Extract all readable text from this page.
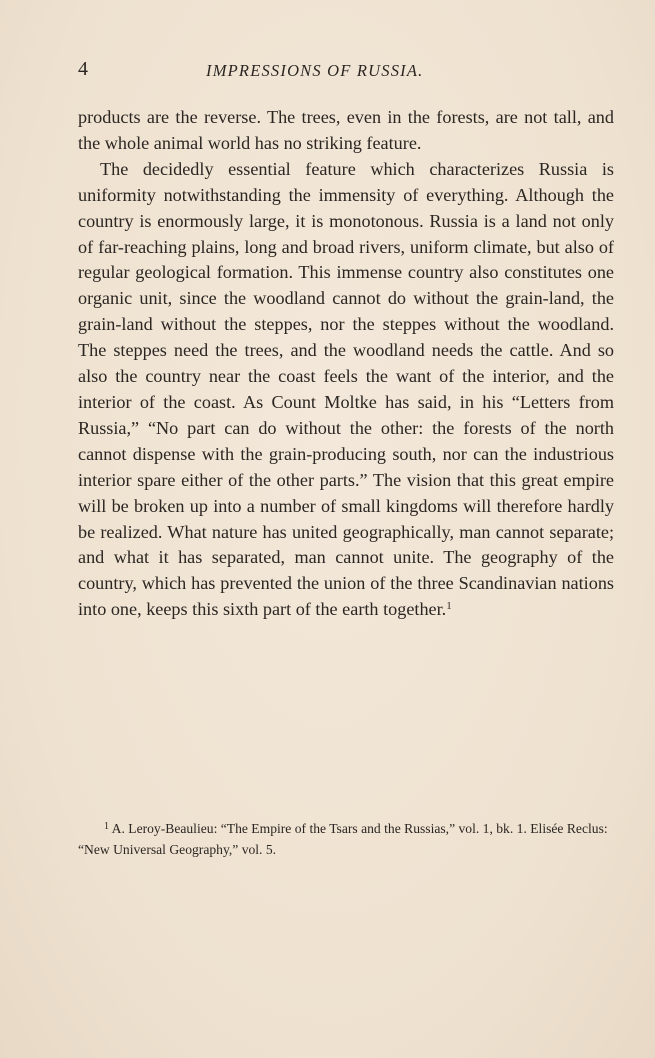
4	IMPRESSIONS OF RUSSIA.

products are the reverse. The trees, even in the forests, are not tall, and the whole animal world has no striking feature.

The decidedly essential feature which characterizes Russia is uniformity notwithstanding the immensity of everything. Although the country is enormously large, it is monotonous. Russia is a land not only of far-reaching plains, long and broad rivers, uniform climate, but also of regular geological formation. This immense country also constitutes one organic unit, since the woodland cannot do without the grain-land, the grain-land without the steppes, nor the steppes without the woodland. The steppes need the trees, and the woodland needs the cattle. And so also the country near the coast feels the want of the interior, and the interior of the coast. As Count Moltke has said, in his “Letters from Russia,” “No part can do without the other: the forests of the north cannot dispense with the grain-producing south, nor can the industrious interior spare either of the other parts.” The vision that this great empire will be broken up into a number of small kingdoms will therefore hardly be realized. What nature has united geographically, man cannot separate; and what it has separated, man cannot unite. The geography of the country, which has prevented the union of the three Scandinavian nations into one, keeps this sixth part of the earth together.$^1$

$^1$ A. Leroy-Beaulieu: “The Empire of the Tsars and the Russias,” vol. 1, bk. 1. Elisée Reclus: “New Universal Geography,” vol. 5.
